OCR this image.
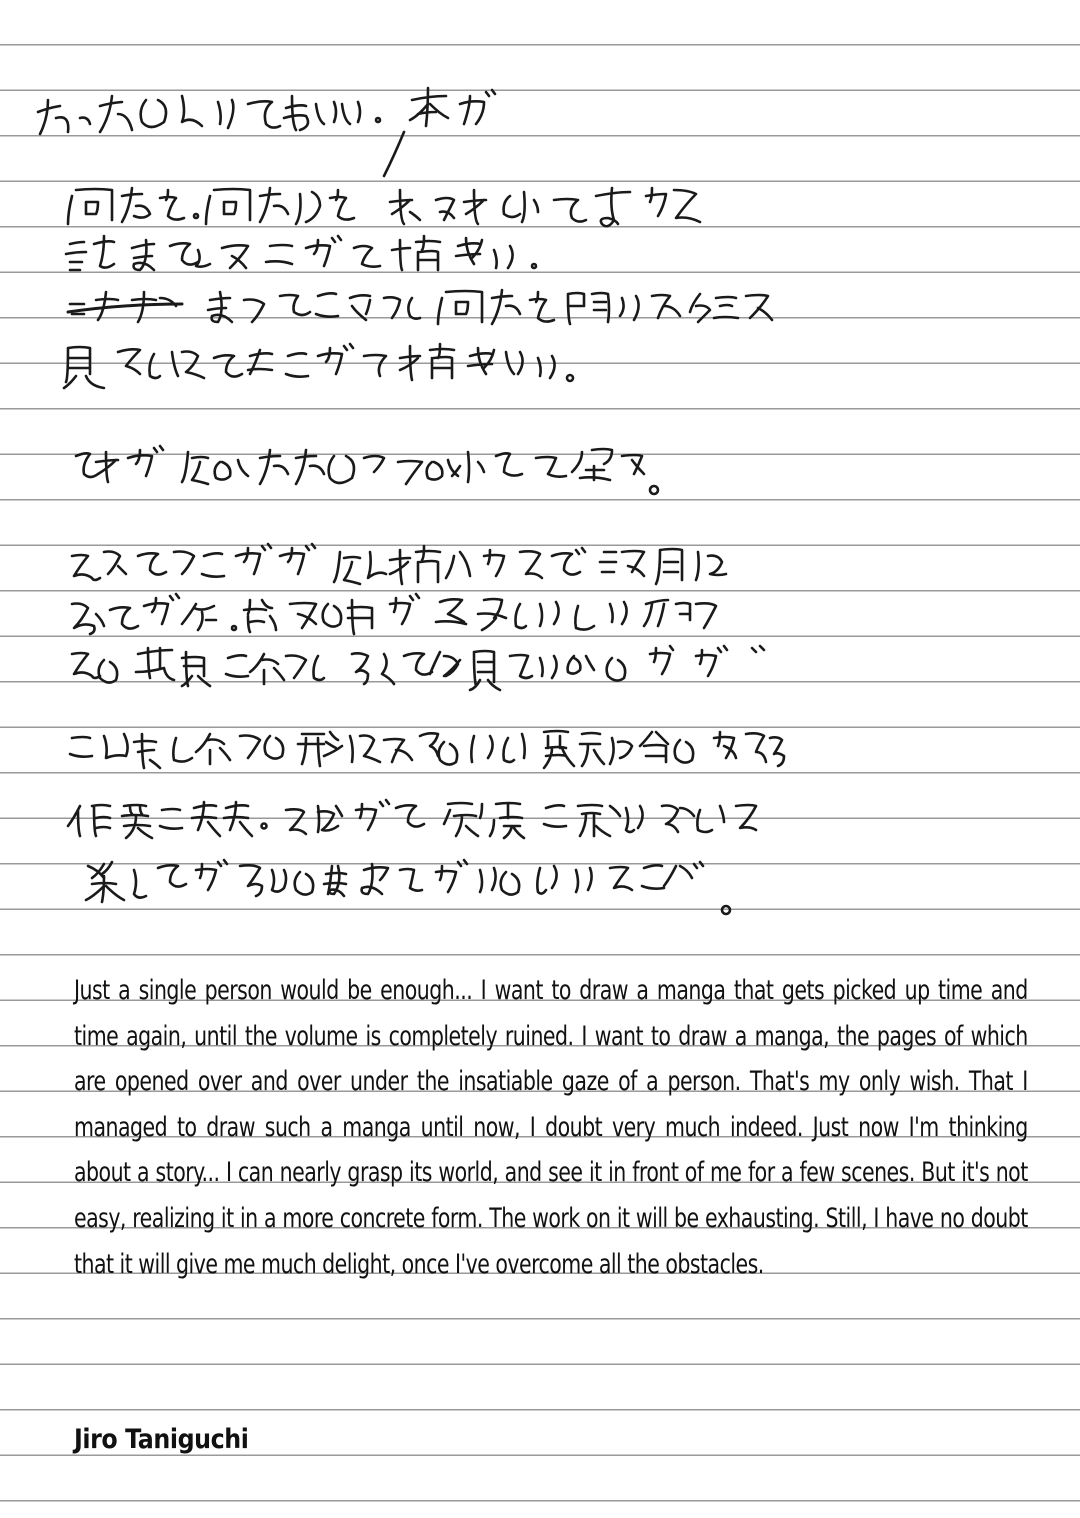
Just a single person would be enough... I want to draw a manga that gets picked up time and time again, until the volume is completely ruined. I want to draw a manga, the pages of which are opened over and over under the insatiable gaze of a person. That's my only wish. That I managed to draw such a manga until now, I doubt very much indeed. Just now I'm thinking about a story... I can nearly grasp its world, and see it in front of me for a few scenes. But it's not easy, realizing it in a more concrete form. The work on it will be exhausting. Still, I have no doubt that it will give me much delight, once I've overcome all the obstacles.
Jiro Taniguchi
